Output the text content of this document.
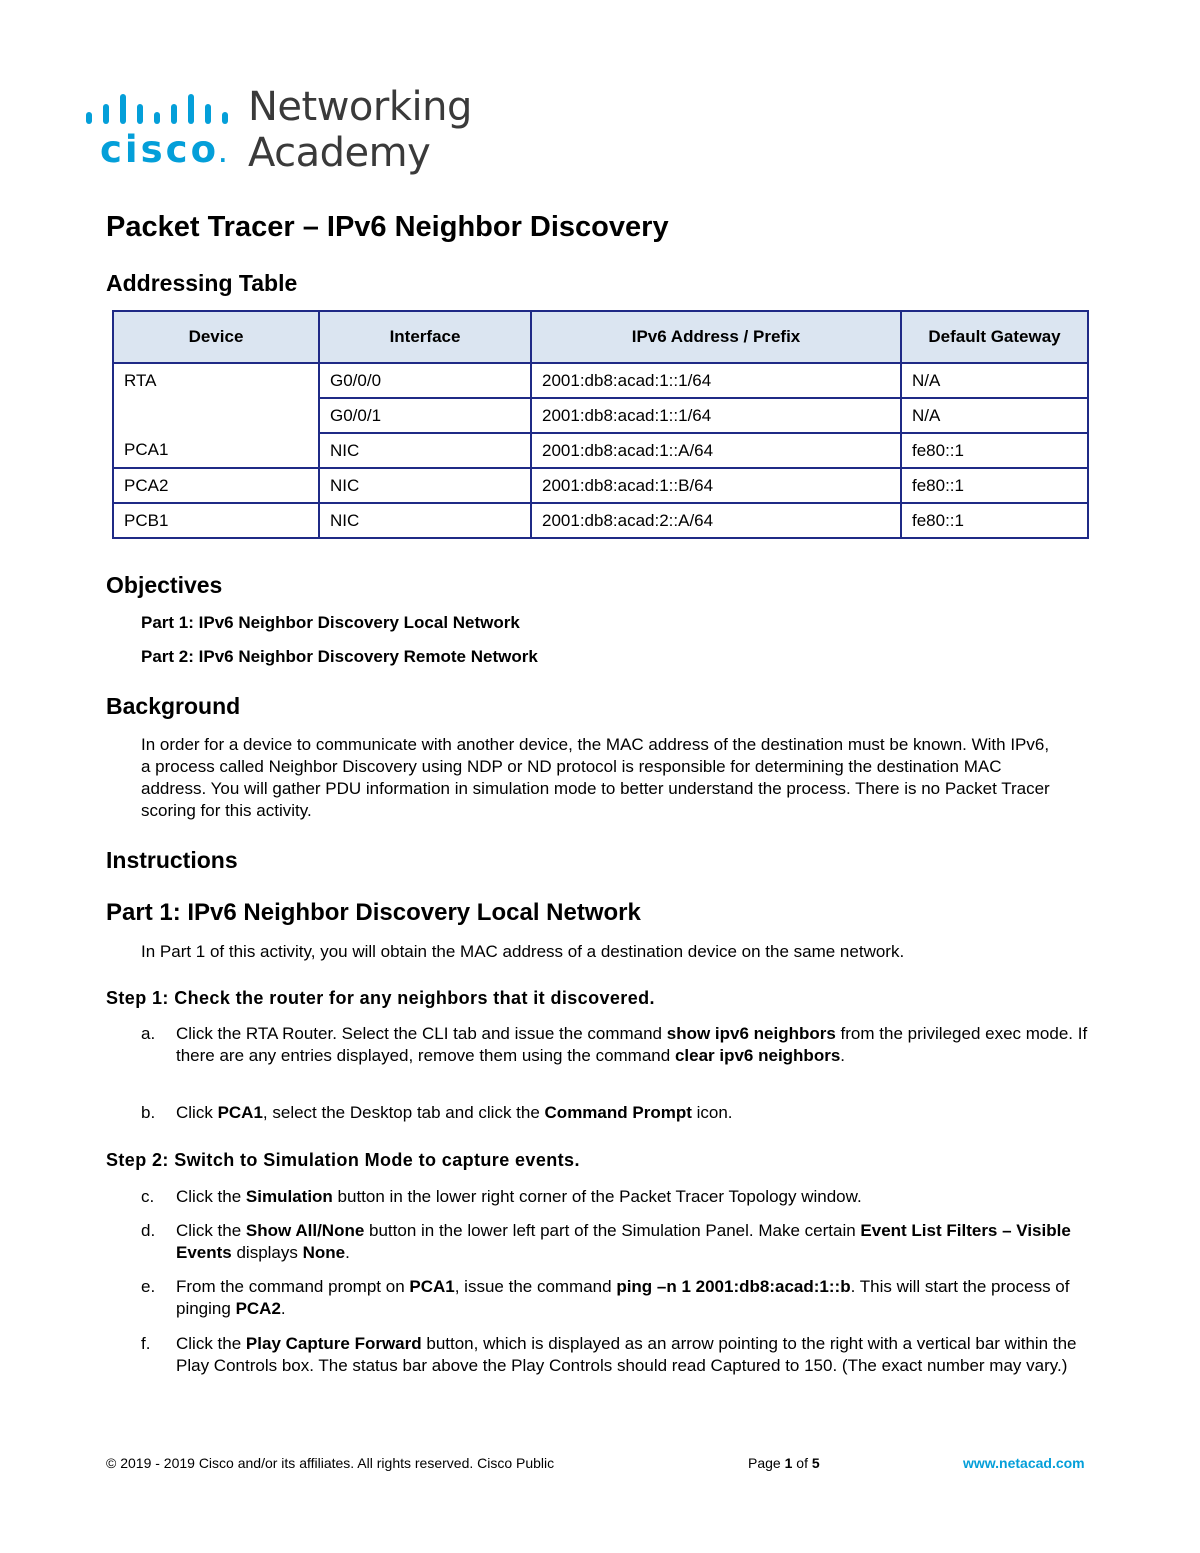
cisco .
Networking
Academy
Packet Tracer – IPv6 Neighbor Discovery
Addressing Table
Device	Interface	IPv6 Address / Prefix	Default Gateway
RTA	G0/0/0	2001:db8:acad:1::1/64	N/A
	G0/0/1	2001:db8:acad:1::1/64	N/A
PCA1	NIC	2001:db8:acad:1::A/64	fe80::1
PCA2	NIC	2001:db8:acad:1::B/64	fe80::1
PCB1	NIC	2001:db8:acad:2::A/64	fe80::1
Objectives
Part 1: IPv6 Neighbor Discovery Local Network
Part 2: IPv6 Neighbor Discovery Remote Network
Background

In order for a device to communicate with another device, the MAC address of the destination must be known. With IPv6, a process called Neighbor Discovery using NDP or ND protocol is responsible for determining the destination MAC address. You will gather PDU information in simulation mode to better understand the process. There is no Packet Tracer scoring for this activity.

Instructions
Part 1: IPv6 Neighbor Discovery Local Network

In Part 1 of this activity, you will obtain the MAC address of a destination device on the same network.

Step 1: Check the router for any neighbors that it discovered.
a. Click the RTA Router. Select the CLI tab and issue the command show ipv6 neighbors from the privileged exec mode. If there are any entries displayed, remove them using the command clear ipv6 neighbors.
b. Click PCA1, select the Desktop tab and click the Command Prompt icon.
Step 2: Switch to Simulation Mode to capture events.
c. Click the Simulation button in the lower right corner of the Packet Tracer Topology window.
d. Click the Show All/None button in the lower left part of the Simulation Panel. Make certain Event List Filters – Visible Events displays None.
e. From the command prompt on PCA1, issue the command ping –n 1 2001:db8:acad:1::b. This will start the process of pinging PCA2.
f. Click the Play Capture Forward button, which is displayed as an arrow pointing to the right with a vertical bar within the Play Controls box. The status bar above the Play Controls should read Captured to 150. (The exact number may vary.)
© 2019 - 2019 Cisco and/or its affiliates. All rights reserved. Cisco Public	Page 1 of 5	www.netacad.com
